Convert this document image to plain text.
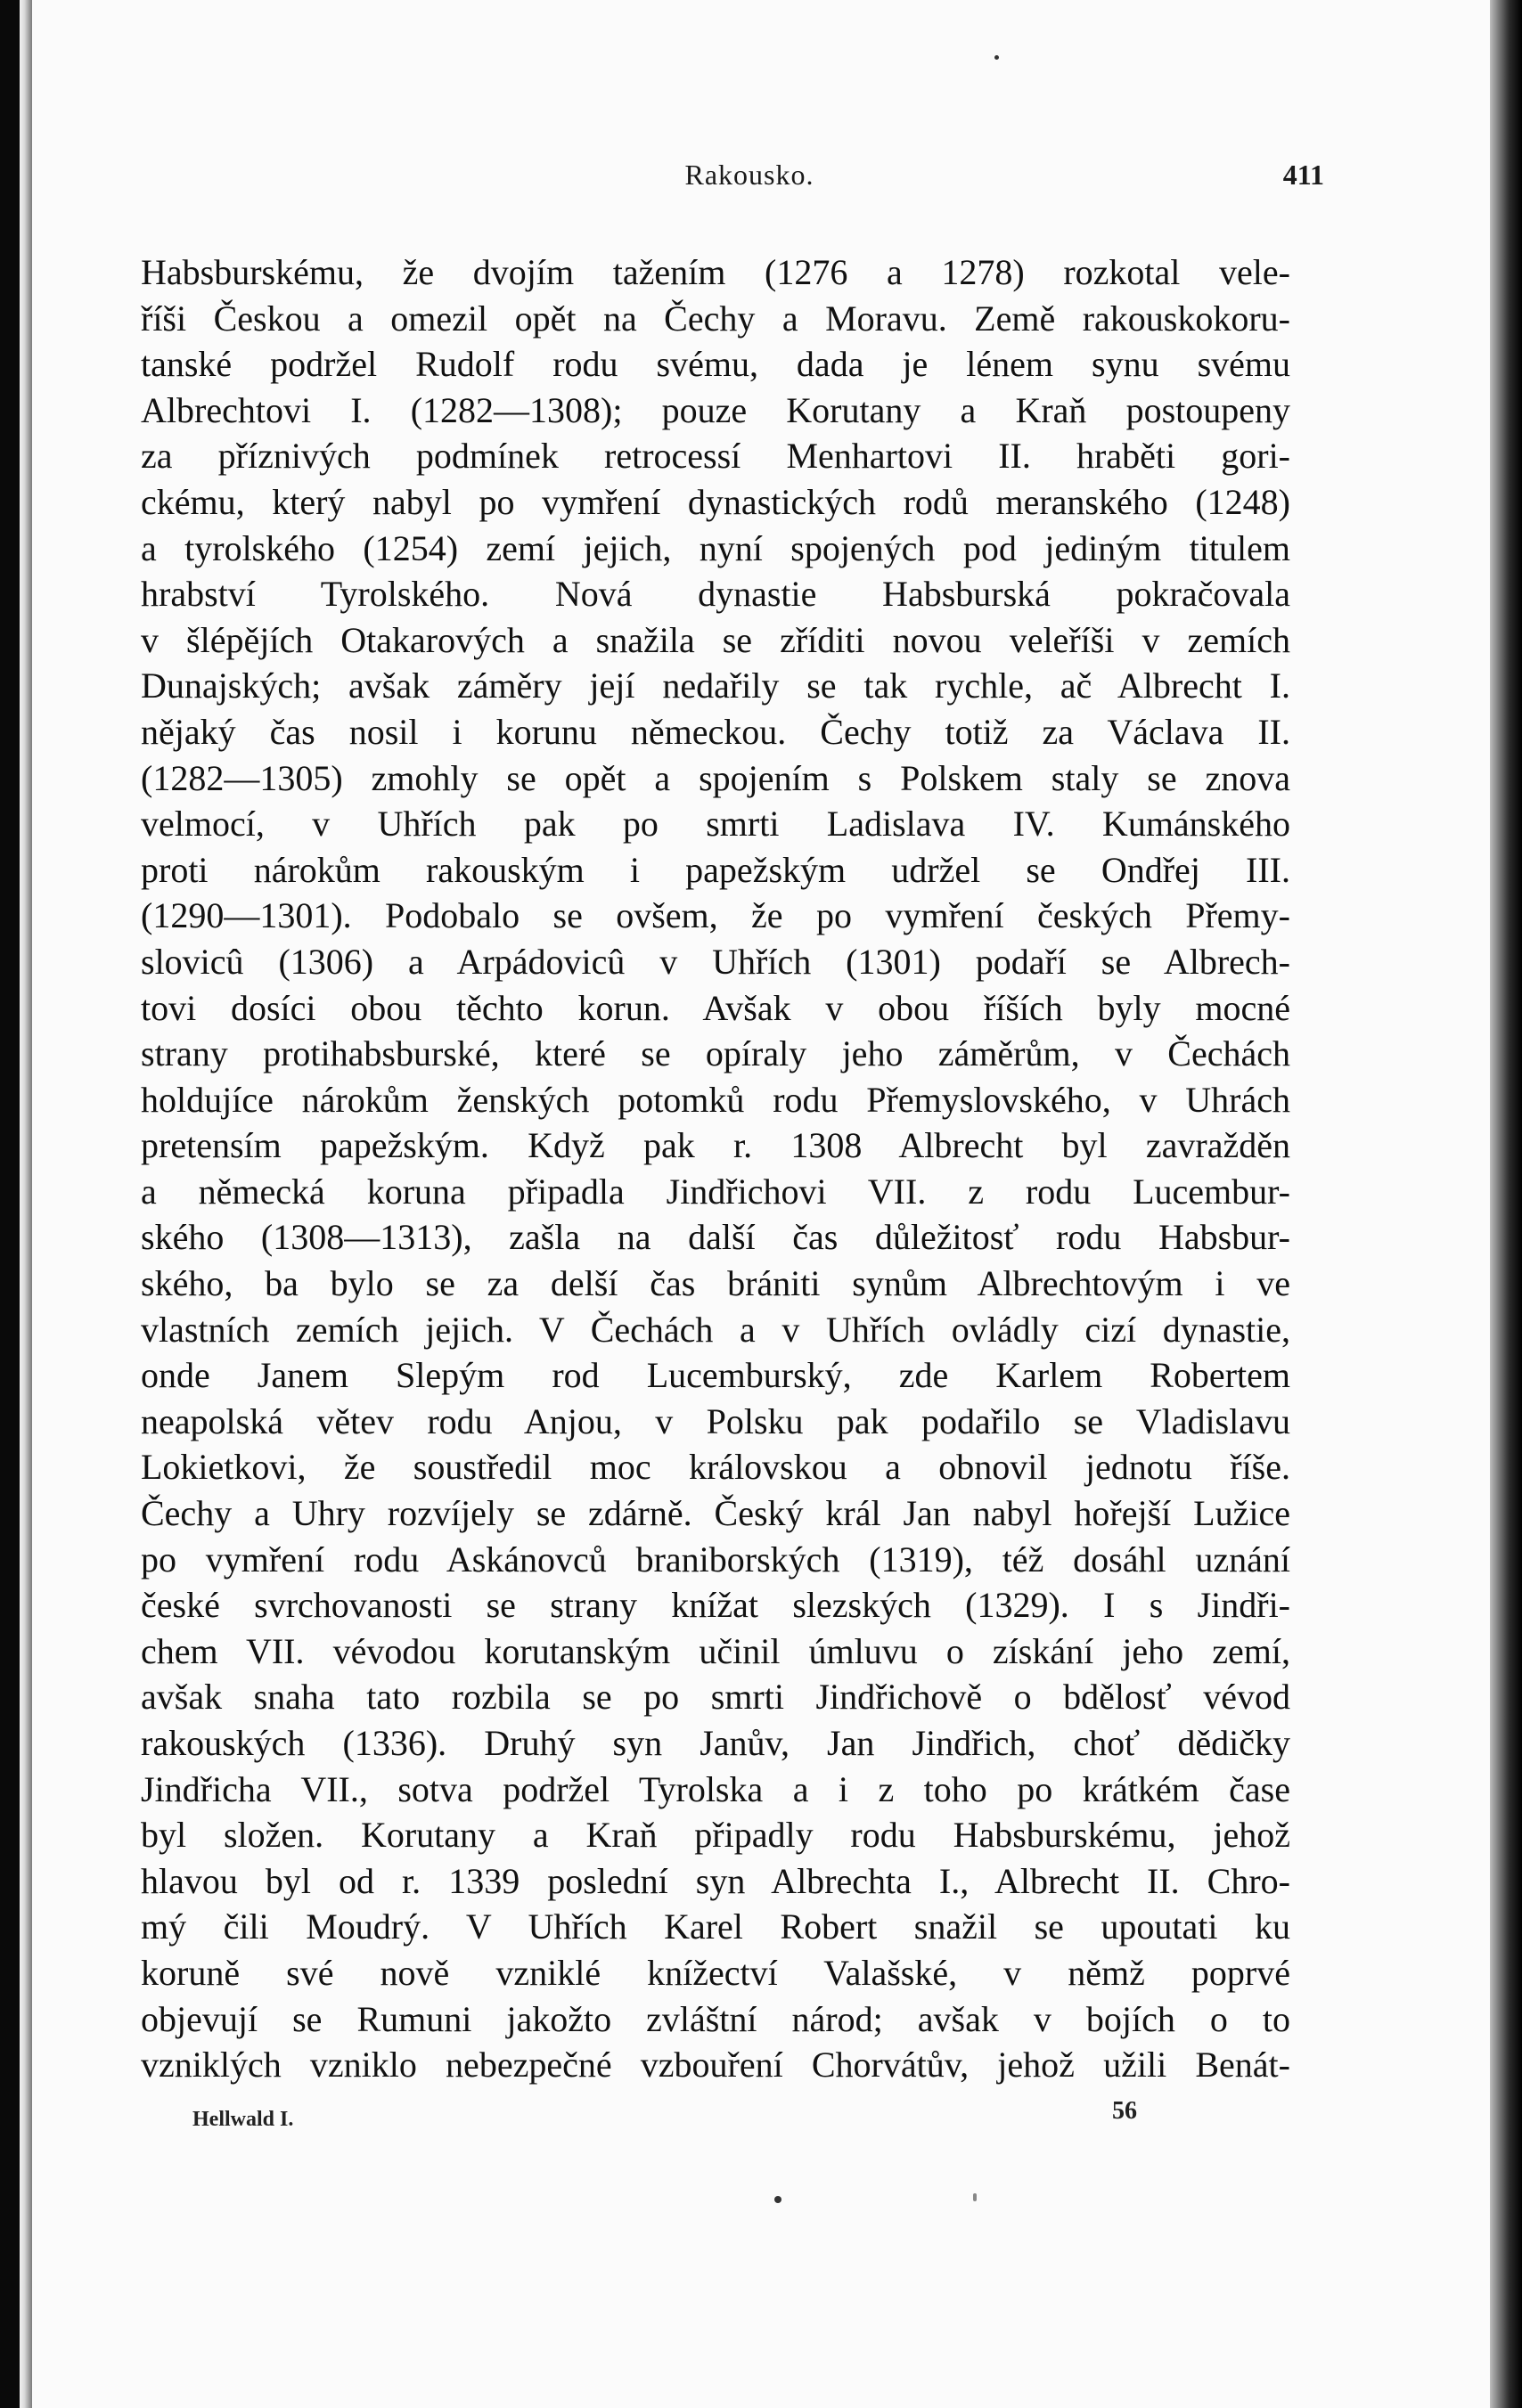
Rakousko.	411
Habsburskému, že dvojím tažením (1276 a 1278) rozkotal vele-
říši Českou a omezil opět na Čechy a Moravu. Země rakouskokoru-
tanské podržel Rudolf rodu svému, dada je lénem synu svému
Albrechtovi I. (1282—1308); pouze Korutany a Kraň postoupeny
za příznivých podmínek retrocessí Menhartovi II. hraběti gori-
ckému, který nabyl po vymření dynastických rodů meranského (1248)
a tyrolského (1254) zemí jejich, nyní spojených pod jediným titulem
hrabství Tyrolského. Nová dynastie Habsburská pokračovala
v šlépějích Otakarových a snažila se zříditi novou veleříši v zemích
Dunajských; avšak záměry její nedařily se tak rychle, ač Albrecht I.
nějaký čas nosil i korunu německou. Čechy totiž za Václava II.
(1282—1305) zmohly se opět a spojením s Polskem staly se znova
velmocí, v Uhřích pak po smrti Ladislava IV. Kumánského
proti nárokům rakouským i papežským udržel se Ondřej III.
(1290—1301). Podobalo se ovšem, že po vymření českých Přemy-
slovicû (1306) a Arpádovicû v Uhřích (1301) podaří se Albrech-
tovi dosíci obou těchto korun. Avšak v obou říších byly mocné
strany protihabsburské, které se opíraly jeho záměrům, v Čechách
holdujíce nárokům ženských potomků rodu Přemyslovského, v Uhrách
pretensím papežským. Když pak r. 1308 Albrecht byl zavražděn
a německá koruna připadla Jindřichovi VII. z rodu Lucembur-
ského (1308—1313), zašla na další čas důležitosť rodu Habsbur-
ského, ba bylo se za delší čas brániti synům Albrechtovým i ve
vlastních zemích jejich. V Čechách a v Uhřích ovládly cizí dynastie,
onde Janem Slepým rod Lucemburský, zde Karlem Robertem
neapolská větev rodu Anjou, v Polsku pak podařilo se Vladislavu
Lokietkovi, že soustředil moc královskou a obnovil jednotu říše.
Čechy a Uhry rozvíjely se zdárně. Český král Jan nabyl hořejší Lužice
po vymření rodu Askánovců braniborských (1319), též dosáhl uznání
české svrchovanosti se strany knížat slezských (1329). I s Jindři-
chem VII. vévodou korutanským učinil úmluvu o získání jeho zemí,
avšak snaha tato rozbila se po smrti Jindřichově o bdělosť vévod
rakouských (1336). Druhý syn Janův, Jan Jindřich, choť dědičky
Jindřicha VII., sotva podržel Tyrolska a i z toho po krátkém čase
byl složen. Korutany a Kraň připadly rodu Habsburskému, jehož
hlavou byl od r. 1339 poslední syn Albrechta I., Albrecht II. Chro-
mý čili Moudrý. V Uhřích Karel Robert snažil se upoutati ku
koruně své nově vzniklé knížectví Valašské, v němž poprvé
objevují se Rumuni jakožto zvláštní národ; avšak v bojích o to
vzniklých vzniklo nebezpečné vzbouření Chorvátův, jehož užili Benát-
Hellwald I.	56
